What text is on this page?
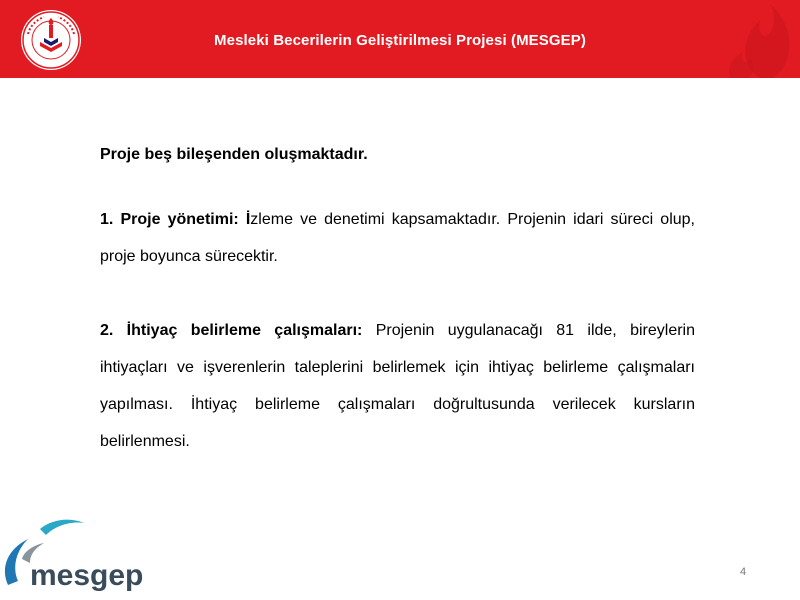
Mesleki Becerilerin Geliştirilmesi Projesi (MESGEP)

Proje beş bileşenden oluşmaktadır.

1. Proje yönetimi: İzleme ve denetimi kapsamaktadır. Projenin idari süreci olup, proje boyunca sürecektir.

2. İhtiyaç belirleme çalışmaları: Projenin uygulanacağı 81 ilde, bireylerin ihtiyaçları ve işverenlerin taleplerini belirlemek için ihtiyaç belirleme çalışmaları yapılması. İhtiyaç belirleme çalışmaları doğrultusunda verilecek kursların belirlenmesi.

mesgep	4
